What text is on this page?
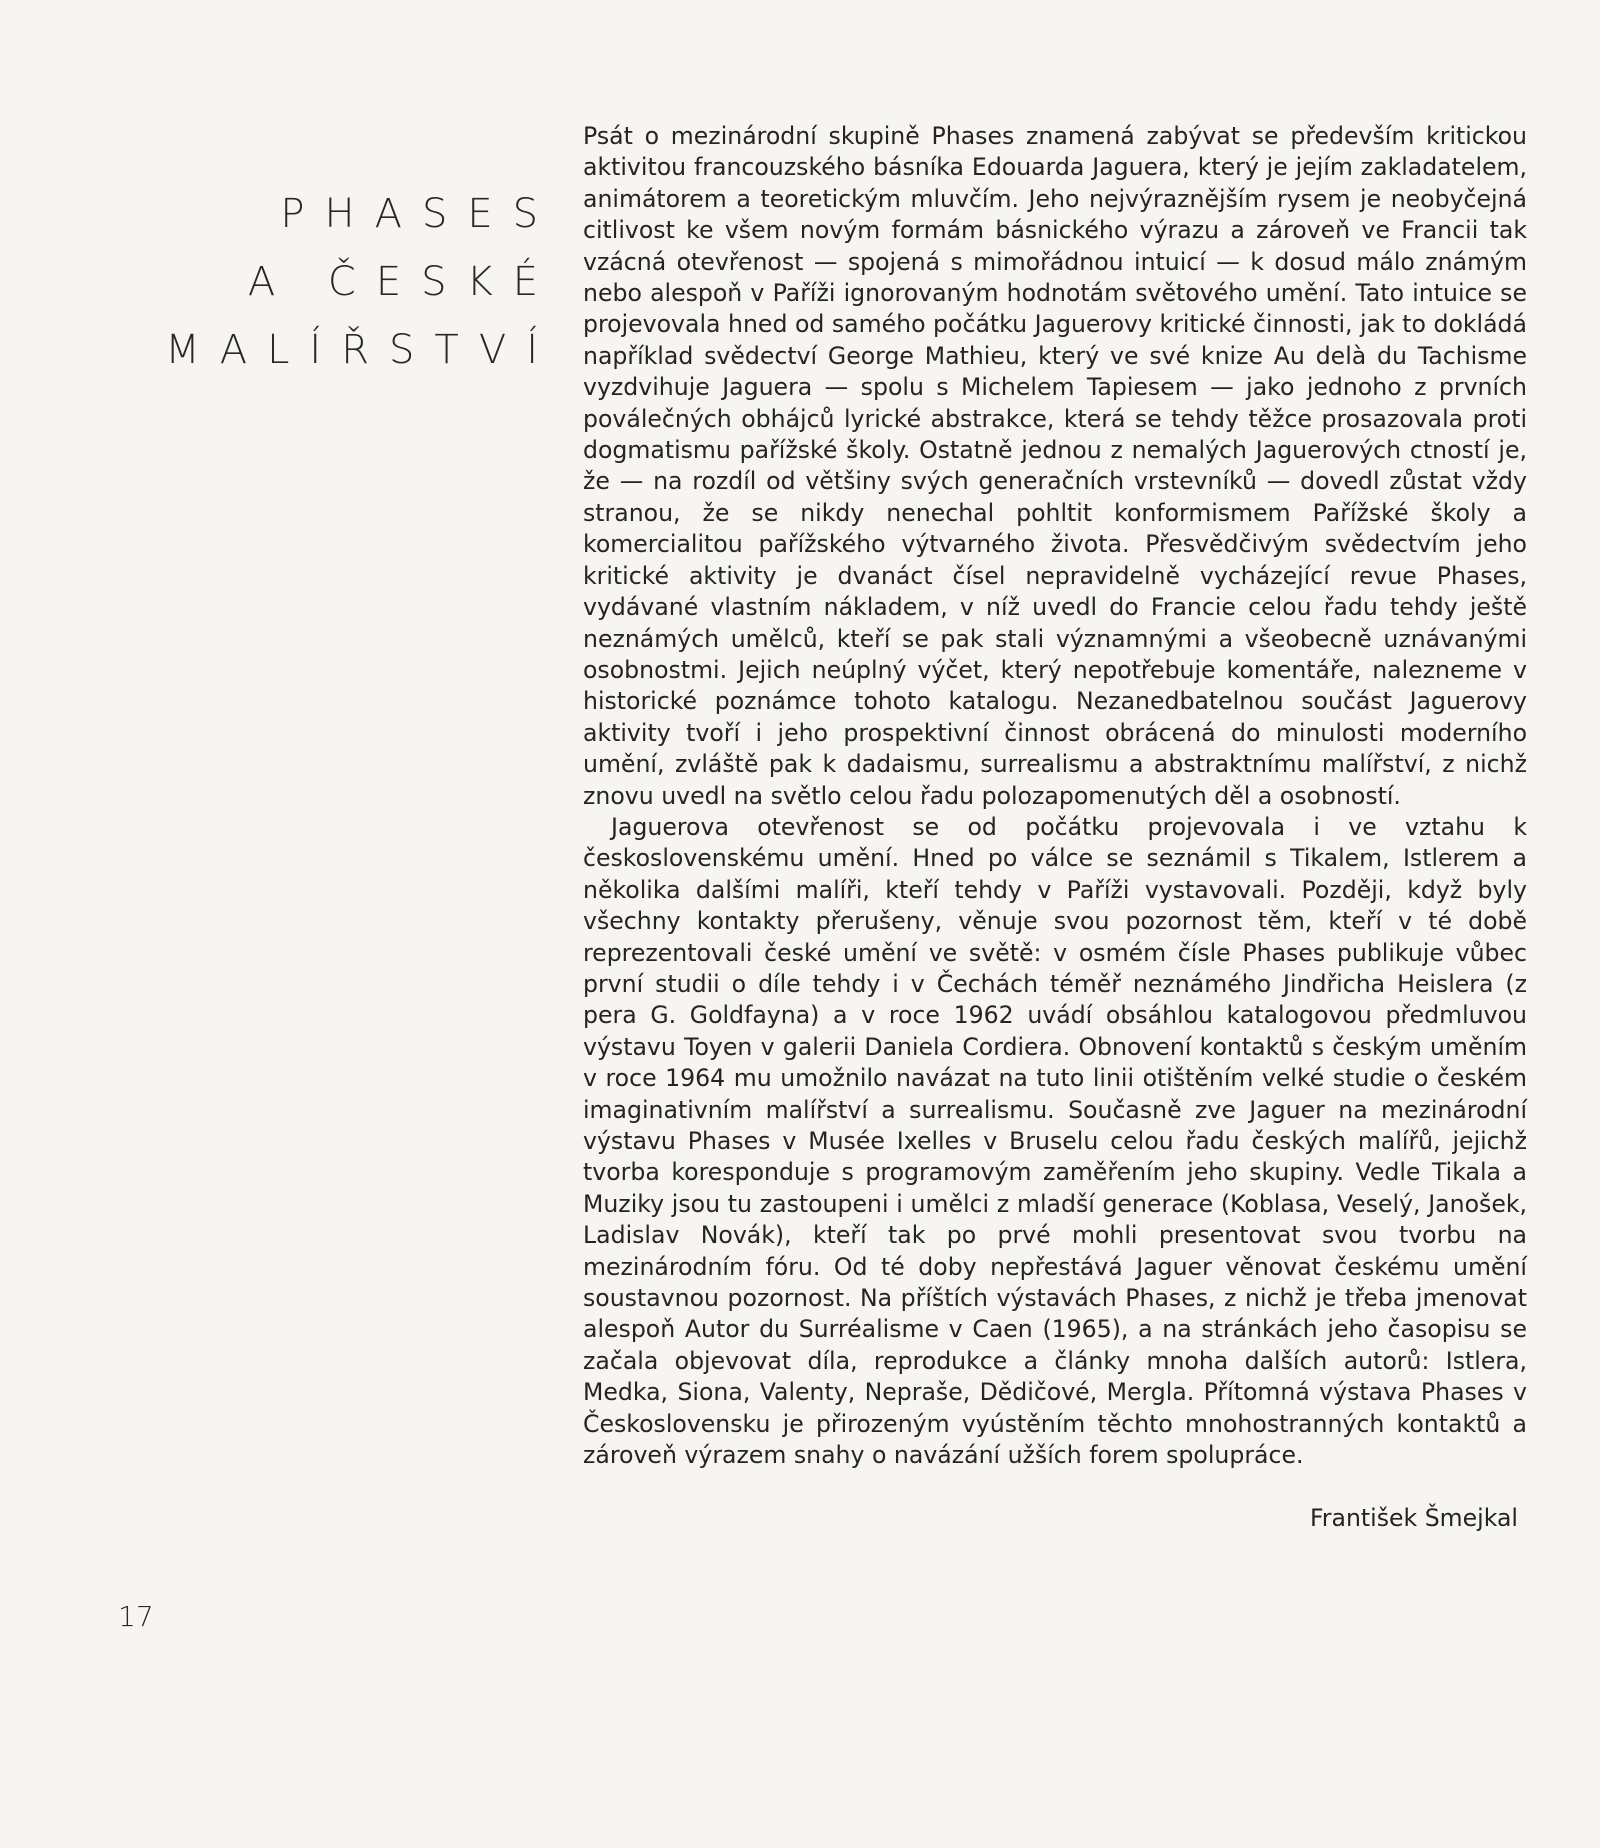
PHASES
A ČESKÉ
MALÍŘSTVÍ

Psát o mezinárodní skupině Phases znamená zabývat se především kritickou aktivitou francouzského básníka Edouarda Jaguera, který je jejím zakladatelem, animátorem a teoretickým mluvčím. Jeho nejvýraznějším rysem je neobyčejná citlivost ke všem novým formám básnického výrazu a zároveň ve Francii tak vzácná otevřenost — spojená s mimořádnou intuicí — k dosud málo známým nebo alespoň v Paříži ignorovaným hodnotám světového umění. Tato intuice se projevovala hned od samého počátku Jaguerovy kritické činnosti, jak to dokládá například svědectví George Mathieu, který ve své knize Au delà du Tachisme vyzdvihuje Jaguera — spolu s Michelem Tapiesem — jako jednoho z prvních poválečných obhájců lyrické abstrakce, která se tehdy těžce prosazovala proti dogmatismu pařížské školy. Ostatně jednou z nemalých Jaguerových ctností je, že — na rozdíl od většiny svých generačních vrstevníků — dovedl zůstat vždy stranou, že se nikdy nenechal pohltit konformismem Pařížské školy a komercialitou pařížského výtvarného života. Přesvědčivým svědectvím jeho kritické aktivity je dvanáct čísel nepravidelně vycházející revue Phases, vydávané vlastním nákladem, v níž uvedl do Francie celou řadu tehdy ještě neznámých umělců, kteří se pak stali významnými a všeobecně uznávanými osobnostmi. Jejich neúplný výčet, který nepotřebuje komentáře, nalezneme v historické poznámce tohoto katalogu. Nezanedbatelnou součást Jaguerovy aktivity tvoří i jeho prospektivní činnost obrácená do minulosti moderního umění, zvláště pak k dadaismu, surrealismu a abstraktnímu malířství, z nichž znovu uvedl na světlo celou řadu polozapomenutých děl a osobností.

Jaguerova otevřenost se od počátku projevovala i ve vztahu k československému umění. Hned po válce se seznámil s Tikalem, Istlerem a několika dalšími malíři, kteří tehdy v Paříži vystavovali. Později, když byly všechny kontakty přerušeny, věnuje svou pozornost těm, kteří v té době reprezentovali české umění ve světě: v osmém čísle Phases publikuje vůbec první studii o díle tehdy i v Čechách téměř neznámého Jindřicha Heislera (z pera G. Goldfayna) a v roce 1962 uvádí obsáhlou katalogovou předmluvou výstavu Toyen v galerii Daniela Cordiera. Obnovení kontaktů s českým uměním v roce 1964 mu umožnilo navázat na tuto linii otištěním velké studie o českém imaginativním malířství a surrealismu. Současně zve Jaguer na mezinárodní výstavu Phases v Musée Ixelles v Bruselu celou řadu českých malířů, jejichž tvorba koresponduje s programovým zaměřením jeho skupiny. Vedle Tikala a Muziky jsou tu zastoupeni i umělci z mladší generace (Koblasa, Veselý, Janošek, Ladislav Novák), kteří tak po prvé mohli presentovat svou tvorbu na mezinárodním fóru. Od té doby nepřestává Jaguer věnovat českému umění soustavnou pozornost. Na příštích výstavách Phases, z nichž je třeba jmenovat alespoň Autor du Surréalisme v Caen (1965), a na stránkách jeho časopisu se začala objevovat díla, reprodukce a články mnoha dalších autorů: Istlera, Medka, Siona, Valenty, Nepraše, Dědičové, Mergla. Přítomná výstava Phases v Československu je přirozeným vyústěním těchto mnohostranných kontaktů a zároveň výrazem snahy o navázání užších forem spolupráce.

František Šmejkal
17
